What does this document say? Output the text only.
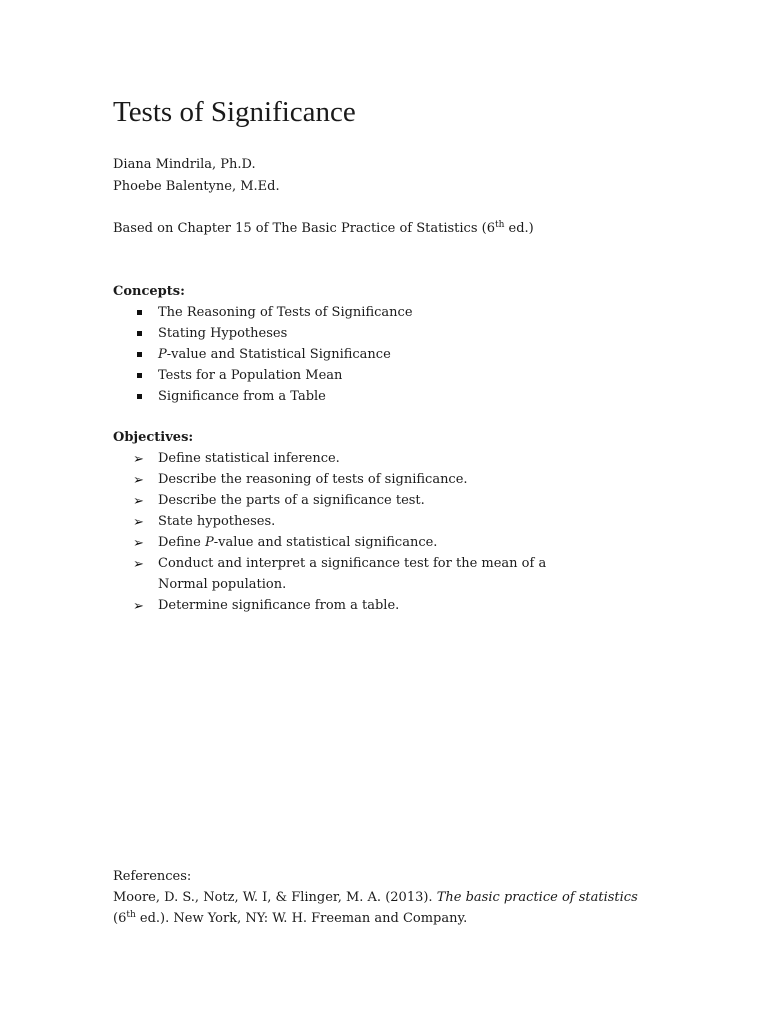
Tests of Significance
Diana Mindrila, Ph.D.
Phoebe Balentyne, M.Ed.
Based on Chapter 15 of The Basic Practice of Statistics (6th ed.)
Concepts:
The Reasoning of Tests of Significance
Stating Hypotheses
P-value and Statistical Significance
Tests for a Population Mean
Significance from a Table
Objectives:
➢ Define statistical inference.
➢ Describe the reasoning of tests of significance.
➢ Describe the parts of a significance test.
➢ State hypotheses.
➢ Define P-value and statistical significance.
➢ Conduct and interpret a significance test for the mean of a Normal population.
➢ Determine significance from a table.
References:
Moore, D. S., Notz, W. I, & Flinger, M. A. (2013). The basic practice of statistics (6th ed.). New York, NY: W. H. Freeman and Company.
